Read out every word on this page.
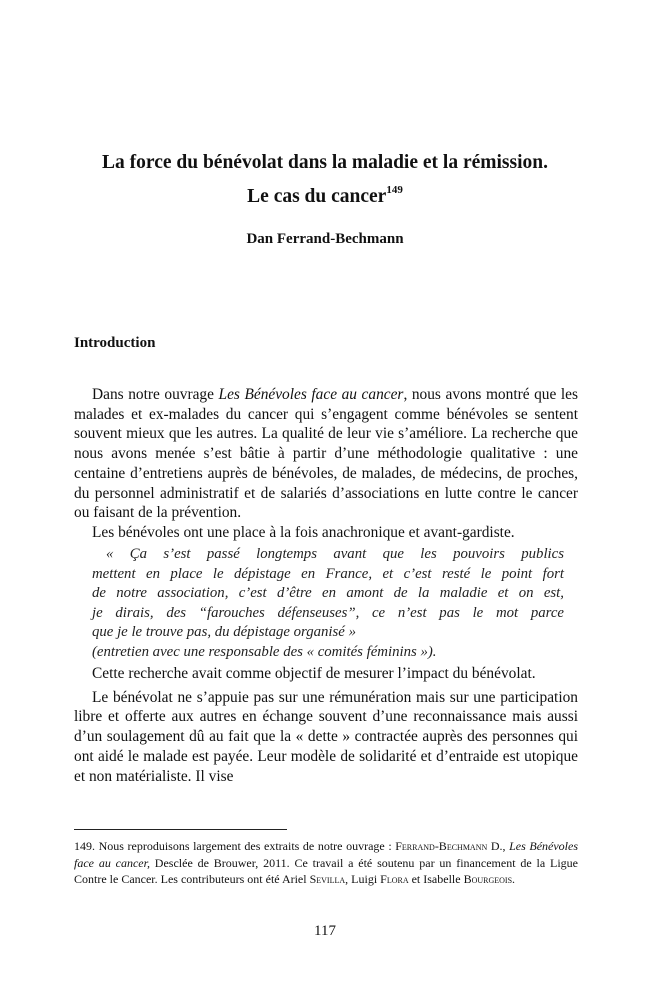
La force du bénévolat dans la maladie et la rémission.
Le cas du cancer$^{149}$
Dan Ferrand-Bechmann
Introduction

Dans notre ouvrage Les Bénévoles face au cancer, nous avons montré que les malades et ex-malades du cancer qui s’engagent comme bénévoles se sentent souvent mieux que les autres. La qualité de leur vie s’améliore. La recherche que nous avons menée s’est bâtie à partir d’une méthodologie qualitative : une centaine d’entretiens auprès de bénévoles, de malades, de médecins, de proches, du personnel administratif et de salariés d’associations en lutte contre le cancer ou faisant de la prévention.

Les bénévoles ont une place à la fois anachronique et avant-gardiste.

« Ça s’est passé longtemps avant que les pouvoirs publics
mettent en place le dépistage en France, et c’est resté le point fort
de notre association, c’est d’être en amont de la maladie et on est,
je dirais, des “farouches défenseuses”, ce n’est pas le mot parce
que je le trouve pas, du dépistage organisé »
(entretien avec une responsable des « comités féminins »).

Cette recherche avait comme objectif de mesurer l’impact du bénévolat.

Le bénévolat ne s’appuie pas sur une rémunération mais sur une participation libre et offerte aux autres en échange souvent d’une reconnaissance mais aussi d’un soulagement dû au fait que la « dette » contractée auprès des personnes qui ont aidé le malade est payée. Leur modèle de solidarité et d’entraide est utopique et non matérialiste. Il vise

149. Nous reproduisons largement des extraits de notre ouvrage : Ferrand-Bechmann D., Les Bénévoles face au cancer, Desclée de Brouwer, 2011. Ce travail a été soutenu par un financement de la Ligue Contre le Cancer. Les contributeurs ont été Ariel Sevilla, Luigi Flora et Isabelle Bourgeois.
117
